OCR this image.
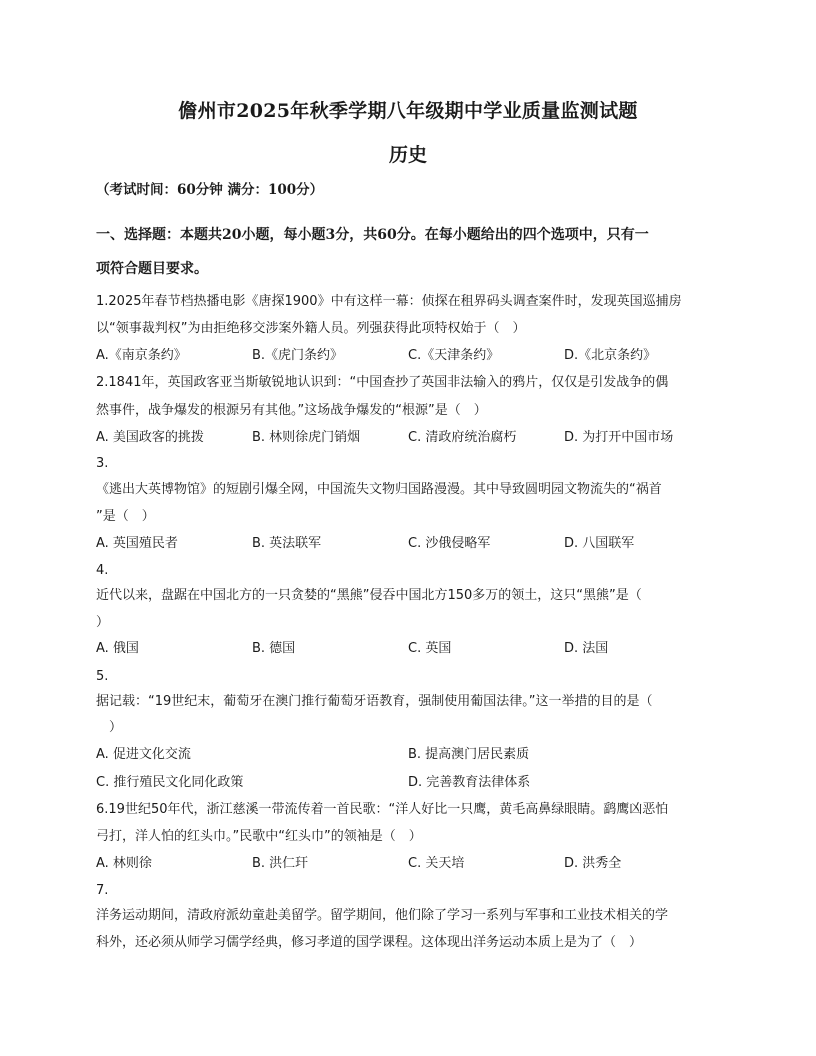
儋州市2025年秋季学期八年级期中学业质量监测试题
历史
（考试时间：60分钟 满分：100分）
一、选择题：本题共20小题，每小题3分，共60分。在每小题给出的四个选项中，只有一
项符合题目要求。
1.2025年春节档热播电影《唐探1900》中有这样一幕：侦探在租界码头调查案件时，发现英国巡捕房
以“领事裁判权”为由拒绝移交涉案外籍人员。列强获得此项特权始于（　）
A.《南京条约》	B.《虎门条约》	C.《天津条约》	D.《北京条约》
2.1841年，英国政客亚当斯敏锐地认识到：“中国查抄了英国非法输入的鸦片，仅仅是引发战争的偶
然事件，战争爆发的根源另有其他。”这场战争爆发的“根源”是（　）
A. 美国政客的挑拨	B. 林则徐虎门销烟	C. 清政府统治腐朽	D. 为打开中国市场
3.
《逃出大英博物馆》的短剧引爆全网，中国流失文物归国路漫漫。其中导致圆明园文物流失的“祸首
”是（　）
A. 英国殖民者	B. 英法联军	C. 沙俄侵略军	D. 八国联军
4.
近代以来，盘踞在中国北方的一只贪婪的“黑熊”侵吞中国北方150多万的领土，这只“黑熊”是（
）
A. 俄国	B. 德国	C. 英国	D. 法国
5.
据记载：“19世纪末，葡萄牙在澳门推行葡萄牙语教育，强制使用葡国法律。”这一举措的目的是（
　）
A. 促进文化交流	B. 提高澳门居民素质
C. 推行殖民文化同化政策	D. 完善教育法律体系
6.19世纪50年代，浙江慈溪一带流传着一首民歌：“洋人好比一只鹰，黄毛高鼻绿眼睛。鹞鹰凶恶怕
弓打，洋人怕的红头巾。”民歌中“红头巾”的领袖是（　）
A. 林则徐	B. 洪仁玕	C. 关天培	D. 洪秀全
7.
洋务运动期间，清政府派幼童赴美留学。留学期间，他们除了学习一系列与军事和工业技术相关的学
科外，还必须从师学习儒学经典，修习孝道的国学课程。这体现出洋务运动本质上是为了（　）
